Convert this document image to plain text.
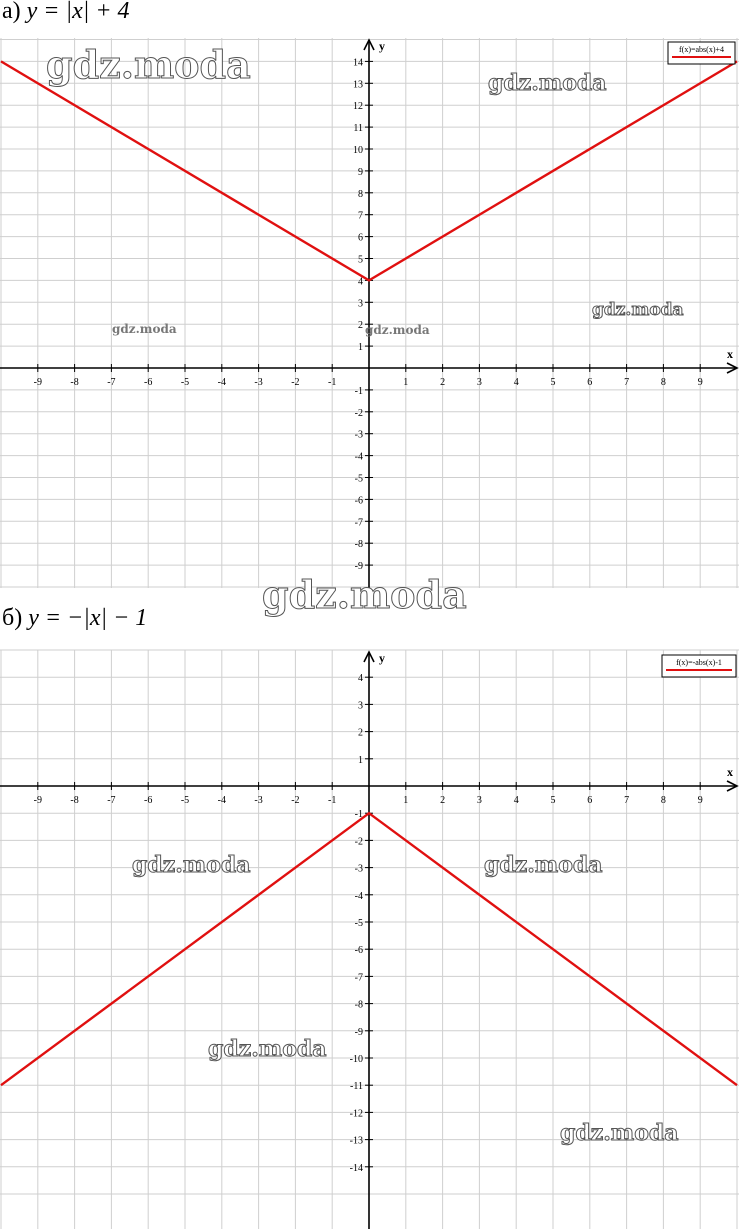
а) y = |x| + 4
x
y
-9	-8	-7	-6	-5	-4	-3	-2	-1	1	2	3	4	5	6	7	8	9
-9
-8
-7
-6
-5
-4
-3
-2
-1
1
2
3
4
5
6
7
8
9
10
11
12
13
14
f(x)=abs(x)+4
б) y = −|x| − 1
x
y
-9	-8	-7	-6	-5	-4	-3	-2	-1	1	2	3	4	5	6	7	8	9
-14
-13
-12
-11
-10
-9
-8
-7
-6
-5
-4
-3
-2
-1
1
2
3
4
f(x)=-abs(x)-1
gdz.moda	gdz.moda
gdz.moda	gdz.moda
gdz.moda
gdz.moda
gdz.moda	gdz.moda
gdz.moda
gdz.moda
